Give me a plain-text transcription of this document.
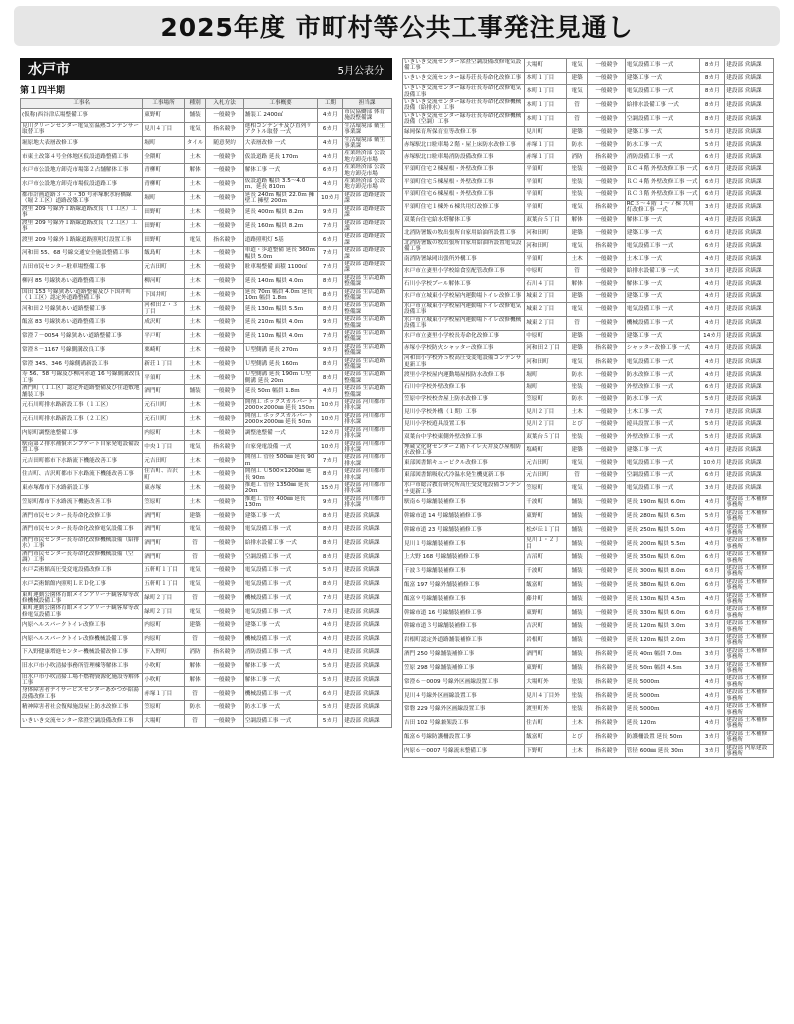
2025年度 市町村等公共工事発注見通し
水戸市	5月公表分
第１四半期
工事名	工事場所	種別	入札方法	工事概要	工期	担当課
(仮称)西谷津広場整備工事	東野町	舗装	一般競争	舗装工 2400㎡	4カ月	市民協働部 体育施設整備課
見川クリーンセンター電気室温熱コンデンサー取替工事	見川４丁目	電気	指名競争	進相コンデンサ及び直列リアクトル取替 一式	6カ月	生活環境部 衛生事業課
堀原地大表層改修工事	堀町	タイル	随意契約	大表層改修 一式	4カ月	生活環境部 衛生事業課
市東土改第４号全体地区仮設道路整備工事	全隈町	土木	一般競争	仮設道路 延長 170ｍ	4カ月	産業経済部 公設地方卸売市場
水戸市公設地方卸売市場第２占舗解体工事	青柳町	解体	一般競争	解体工事 一式	6カ月	産業経済部 公設地方卸売市場
水戸市公設地方卸売市場仮設道路工事	青柳町	土木	一般競争	仮設道路 幅員 3.5～4.0ｍ、延長 810ｍ	4カ月	産業経済部 公設地方卸売市場
都市計画道路３・３・30 号赤塚駅水府橋線（堀２工区）道路改築工事	堀町	土木	一般競争	延長 240ｍ 幅員 22.0ｍ 擁壁工 擁壁 200ｍ	10カ月	建設部 道路建設課
渡里 209 号線外１路線道路改良（１工区）工事	田野町	土木	一般競争	延長 400ｍ 幅員 8.2ｍ	9カ月	建設部 道路建設課
渡里 209 号線外１路線道路改良（２工区）工事	田野町	土木	一般競争	延長 160ｍ 幅員 8.2ｍ	7カ月	建設部 道路建設課
渡里 209 号線外１路線道路照明灯設置工事	田野町	電気	指名競争	道路照明灯 5基	6カ月	建設部 道路建設課
河和田 55、68 号線交通安全施設整備工事	飯島町	土木	一般競争	車道・歩道整備 延長 360ｍ 幅員 5.0ｍ	7カ月	建設部 道路建設課
吉田市民センター駐車場整備工事	元吉田町	土木	一般競争	駐車場整備 面積 1100㎡	7カ月	建設部 道路建設課
柳河 85 号線狭あい道路整備工事	柳河町	土木	一般競争	延長 140ｍ 幅員 4.0ｍ	8カ月	建設部 生活道路整備課
国田 153 号線狭あい道路整備及び下国井町（１工区）認定外道路整備工事	下国井町	土木	一般競争	延長 70ｍ 幅員 4.0ｍ 延長 10ｍ 幅員 1.8ｍ	8カ月	建設部 生活道路整備課
河和田２号線狭あい道路整備工事	河和田２・３丁目	土木	一般競争	延長 130ｍ 幅員 5.5ｍ	8カ月	建設部 生活道路整備課
飯富 83 号線狭あい道路整備工事	成沢町	土木	一般競争	延長 210ｍ 幅員 4.0ｍ	9カ月	建設部 生活道路整備課
常澄７－0054 号線狭あい道路整備工事	平戸町	土木	一般競争	延長 110ｍ 幅員 4.0ｍ	7カ月	建設部 生活道路整備課
常澄８－1167 号線側溝改良工事	栗崎町	土木	一般競争	Ｕ型側溝 延長 270ｍ	9カ月	建設部 生活道路整備課
常澄 345、346 号線側溝新設工事	新荘１丁目	土木	一般競争	Ｕ型側溝 延長 160ｍ	8カ月	建設部 生活道路整備課
寿 56、58 号線及び柳河赤道 16 号線側溝改良工事	平須町	土木	一般競争	Ｕ型側溝 延長 190ｍ Ｕ型側溝 延長 20ｍ	8カ月	建設部 生活道路整備課
酒門町（１工区）認定外道路整備及び住道敷地舗装工事	酒門町	舗装	一般競争	延長 50ｍ 幅員 1.8ｍ	4カ月	建設部 生活道路整備課
元石川町排水路新設工事（１工区）	元石川町	土木	一般競争	開削工 ボックスカルバート 2000×2000㎜ 延長 150ｍ	10カ月	建設部 河川都市排水課
元石川町排水路新設工事（２工区）	元石川町	土木	一般競争	開削工 ボックスカルバート 2000×2000㎜ 延長 50ｍ	10カ月	建設部 河川都市排水課
内原町調整池整備工事	内原町	土木	一般競争	調整池整備 一式	12カ月	建設部 河川都市排水課
駅南第２排水補償ポンプゲート自家発電設備設置工事	中央１丁目	電気	指名競争	自家発電設備 一式	10カ月	建設部 河川都市排水課
元吉田町都市下水路流下機能改善工事	元吉田町	土木	一般競争	開削工 管径 500㎜ 延長 90ｍ	7カ月	建設部 河川都市排水課
住吉町、吉沢町都市下水路流下機能改善工事	住吉町、吉沢町	土木	一般競争	開削工 Ｕ500×1200㎜ 延長 90ｍ	8カ月	建設部 河川都市排水課
東赤塚都市下水路新設工事	東赤塚	土木	一般競争	推進工 管径 1350㎜ 延長 20ｍ	15カ月	建設部 河川都市排水課
笠原町都市下水路流下機能改善工事	笠原町	土木	一般競争	推進工 管径 400㎜ 延長 130ｍ	9カ月	建設部 河川都市排水課
酒門市民センター長寿命化改修工事	酒門町	建築	一般競争	建築工事 一式	8カ月	建設部 営繕課
酒門市民センター長寿命化改修電気設備工事	酒門町	電気	一般競争	電気設備工事 一式	8カ月	建設部 営繕課
酒門市民センター長寿命化改修機械設備（給排水）工事	酒門町	管	一般競争	給排水設備工事 一式	8カ月	建設部 営繕課
酒門市民センター長寿命化改修機械設備（空調）工事	酒門町	管	一般競争	空調設備工事 一式	8カ月	建設部 営繕課
水戸芸術館高圧受変電設備改修工事	五軒町１丁目	電気	一般競争	電気設備工事 一式	5カ月	建設部 営繕課
水戸芸術館館内照明ＬＥＤ化工事	五軒町１丁目	電気	一般競争	電気設備工事 一式	8カ月	建設部 営繕課
東町運動公園体育館メインアリーナ観客席等改修機械設備工事	緑町２丁目	管	一般競争	機械設備工事 一式	7カ月	建設部 営繕課
東町運動公園体育館メインアリーナ観客席等改修電気設備工事	緑町２丁目	電気	一般競争	電気設備工事 一式	7カ月	建設部 営繕課
内原ヘルスパークトイレ改修工事	内原町	建築	一般競争	建築工事 一式	4カ月	建設部 営繕課
内原ヘルスパークトイレ改修機械設備工事	内原町	管	一般競争	機械設備工事 一式	4カ月	建設部 営繕課
下入野健康増進センター機械設備改修工事	下入野町	消防	指名競争	消防設備工事 一式	4カ月	建設部 営繕課
旧水戸市小吹清掃事務所管理棟等解体工事	小吹町	解体	一般競争	解体工事 一式	5カ月	建設部 営繕課
旧水戸市小吹清掃工場不燃物資源化施設等解体工事	小吹町	解体	一般競争	解体工事 一式	5カ月	建設部 営繕課
身体障害者デイサービスセンターあかつか給湯設備改修工事	赤塚１丁目	管	一般競争	機械設備工事 一式	6カ月	建設部 営繕課
精神障害者社会復帰施設屋上防水改修工事	笠原町	防水	一般競争	防水工事 一式	5カ月	建設部 営繕課
いきいき交流センター常澄空調設備改修工事	大場町	管	一般競争	空調設備工事 一式	5カ月	建設部 営繕課
いきいき交流センター常澄空調設備改修電気設備工事	大場町	電気	一般競争	電気設備工事 一式	8カ月	建設部 営繕課
いきいき交流センター緑寿荘長寿命化改修工事	本町１丁目	建築	一般競争	建築工事 一式	8カ月	建設部 営繕課
いきいき交流センター緑寿荘長寿命化改修電気設備工事	本町１丁目	電気	一般競争	電気設備工事 一式	8カ月	建設部 営繕課
いきいき交流センター緑寿荘長寿命化改修機械設備（給排水）工事	本町１丁目	管	一般競争	給排水設備工事 一式	8カ月	建設部 営繕課
いきいき交流センター緑寿荘長寿命化改修機械設備（空調）工事	本町１丁目	管	一般競争	空調設備工事 一式	8カ月	建設部 営繕課
緑岡保育所保育室等改修工事	見川町	建築	一般競争	建築工事 一式	5カ月	建設部 営繕課
赤塚駅北口駐車場２階・屋上床防水改修工事	赤塚１丁目	防水	一般競争	防水工事 一式	5カ月	建設部 営繕課
赤塚駅北口駐車場消防設備改修工事	赤塚１丁目	消防	指名競争	消防設備工事 一式	6カ月	建設部 営繕課
平須町住宅２棟屋根・外壁改修工事	平須町	塗装	一般競争	ＲＣ４階 外壁改修工事 一式	6カ月	建設部 営繕課
平須町住宅５棟屋根・外壁改修工事	平須町	塗装	一般競争	ＲＣ４階 外壁改修工事 一式	6カ月	建設部 営繕課
平須町住宅６棟屋根・外壁改修工事	平須町	塗装	一般競争	ＲＣ３階 外壁改修工事 一式	6カ月	建設部 営繕課
平須町住宅１棟外６棟共用灯改修工事	平須町	電気	指名競争	RC３～４階 １～７棟 共用灯改修工事 一式	3カ月	建設部 営繕課
双葉台住宅給水塔解体工事	双葉台５丁目	解体	一般競争	解体工事 一式	4カ月	建設部 営繕課
北消防署飯の牧出張所自家用給油所設置工事	河和田町	建築	一般競争	建築工事 一式	6カ月	建設部 営繕課
北消防署飯の牧出張所自家用給油所設置電気設備工事	河和田町	電気	指名競争	電気設備工事 一式	6カ月	建設部 営繕課
南消防署緑岡出張所外構工事	平須町	土木	一般競争	土木工事 一式	4カ月	建設部 営繕課
水戸市立妻里小学校給食室配管改修工事	中原町	管	一般競争	給排水設備工事 一式	3カ月	建設部 営繕課
石川小学校プール解体工事	石川４丁目	解体	一般競争	解体工事 一式	4カ月	建設部 営繕課
水戸市立城東小学校屋内運動場トイレ改修工事	城東２丁目	建築	一般競争	建築工事 一式	4カ月	建設部 営繕課
水戸市立城東小学校屋内運動場トイレ改修電気設備工事	城東２丁目	電気	一般競争	電気設備工事 一式	4カ月	建設部 営繕課
水戸市立城東小学校屋内運動場トイレ改修機械設備工事	城東２丁目	管	一般競争	機械設備工事 一式	4カ月	建設部 営繕課
水戸市立妻里小学校長寿命化改修工事	中原町	建築	一般競争	建築工事 一式	14カ月	建設部 営繕課
赤塚小学校防火シャッター改修工事	河和田２丁目	建築	指名競争	シャッター改修工事 一式	4カ月	建設部 営繕課
河和田小学校外５校高圧受変電設備コンデンサ更新工事	河和田町	電気	指名競争	電気設備工事 一式	4カ月	建設部 営繕課
渡里小学校屋内運動場屋根防水改修工事	堀町	防水	一般競争	防水改修工事 一式	4カ月	建設部 営繕課
石川中学校外壁改修工事	堀町	塗装	一般競争	外壁改修工事 一式	6カ月	建設部 営繕課
笠原中学校校舎屋上防水改修工事	笠原町	防水	一般競争	防水工事 一式	5カ月	建設部 営繕課
見川小学校外構（１期）工事	見川２丁目	土木	一般競争	土木工事 一式	7カ月	建設部 営繕課
見川小学校遊具設置工事	見川２丁目	とび	一般競争	遊具設置工事 一式	5カ月	建設部 営繕課
双葉台中学校東側外壁改修工事	双葉台５丁目	塗装	一般競争	外壁改修工事 一式	5カ月	建設部 営繕課
埋蔵文化財センター２階トイレ天井及び屋根防水改修工事	塩崎町	建築	一般競争	建築工事 一式	4カ月	建設部 営繕課
東部図書館キュービクル改修工事	元吉田町	電気	一般競争	電気設備工事 一式	10カ月	建設部 営繕課
東部図書館吸収式冷温水発生機更新工事	元吉田町	管	一般競争	空調設備工事 一式	6カ月	建設部 営繕課
水戸市総合教育研究所高圧受変電設備コンデンサ更新工事	笠原町	電気	一般競争	電気設備工事 一式	3カ月	建設部 営繕課
駅南６号線舗装補修工事	千波町	舗装	一般競争	延長 190ｍ 幅員 6.0ｍ	4カ月	建設部 土木補修事務所
幹線市道 14 号線舗装補修工事	東野町	舗装	一般競争	延長 280ｍ 幅員 6.5ｍ	5カ月	建設部 土木補修事務所
幹線市道 23 号線舗装補修工事	松が丘１丁目	舗装	一般競争	延長 250ｍ 幅員 5.0ｍ	4カ月	建設部 土木補修事務所
見川１号線舗装補修工事	見川１・２丁目	舗装	一般競争	延長 200ｍ 幅員 5.5ｍ	4カ月	建設部 土木補修事務所
上大野 168 号線舗装補修工事	吉沼町	舗装	一般競争	延長 350ｍ 幅員 6.0ｍ	6カ月	建設部 土木補修事務所
千波３号線舗装補修工事	千波町	舗装	一般競争	延長 300ｍ 幅員 8.0ｍ	6カ月	建設部 土木補修事務所
飯富 197 号線外舗装補修工事	飯富町	舗装	一般競争	延長 380ｍ 幅員 6.0ｍ	6カ月	建設部 土木補修事務所
飯富９号線舗装補修工事	藤井町	舗装	一般競争	延長 130ｍ 幅員 4.5ｍ	4カ月	建設部 土木補修事務所
幹線市道 16 号線舗装補修工事	東野町	舗装	一般競争	延長 330ｍ 幅員 6.0ｍ	6カ月	建設部 土木補修事務所
幹線市道３号線舗装補修工事	吉沢町	舗装	一般競争	延長 120ｍ 幅員 3.0ｍ	3カ月	建設部 土木補修事務所
岩根町認定外道路舗装補修工事	岩根町	舗装	一般競争	延長 120ｍ 幅員 2.0ｍ	3カ月	建設部 土木補修事務所
酒門 250 号線舗装補修工事	酒門町	舗装	指名競争	延長 40ｍ 幅員 7.0ｍ	3カ月	建設部 土木補修事務所
笠原 298 号線舗装補修工事	東野町	舗装	指名競争	延長 50ｍ 幅員 4.5ｍ	3カ月	建設部 土木補修事務所
常澄６－0009 号線外区画線設置工事	大場町外	塗装	指名競争	延長 5000ｍ	4カ月	建設部 土木補修事務所
見川４号線外区画線設置工事	見川４丁目外	塗装	指名競争	延長 5000ｍ	4カ月	建設部 土木補修事務所
常磐 229 号線外区画線設置工事	渡里町外	塗装	指名競争	延長 5000ｍ	4カ月	建設部 土木補修事務所
吉田 102 号線兼架設工事	住吉町	土木	指名競争	延長 120ｍ	4カ月	建設部 土木補修事務所
飯富６号線防護柵設置工事	飯富町	とび	指名競争	防護柵設置 延長 50ｍ	3カ月	建設部 土木補修事務所
内原６－0007 号線流末整備工事	下野町	土木	指名競争	管径 600㎜ 延長 30ｍ	3カ月	建設部 内原建設事務所
